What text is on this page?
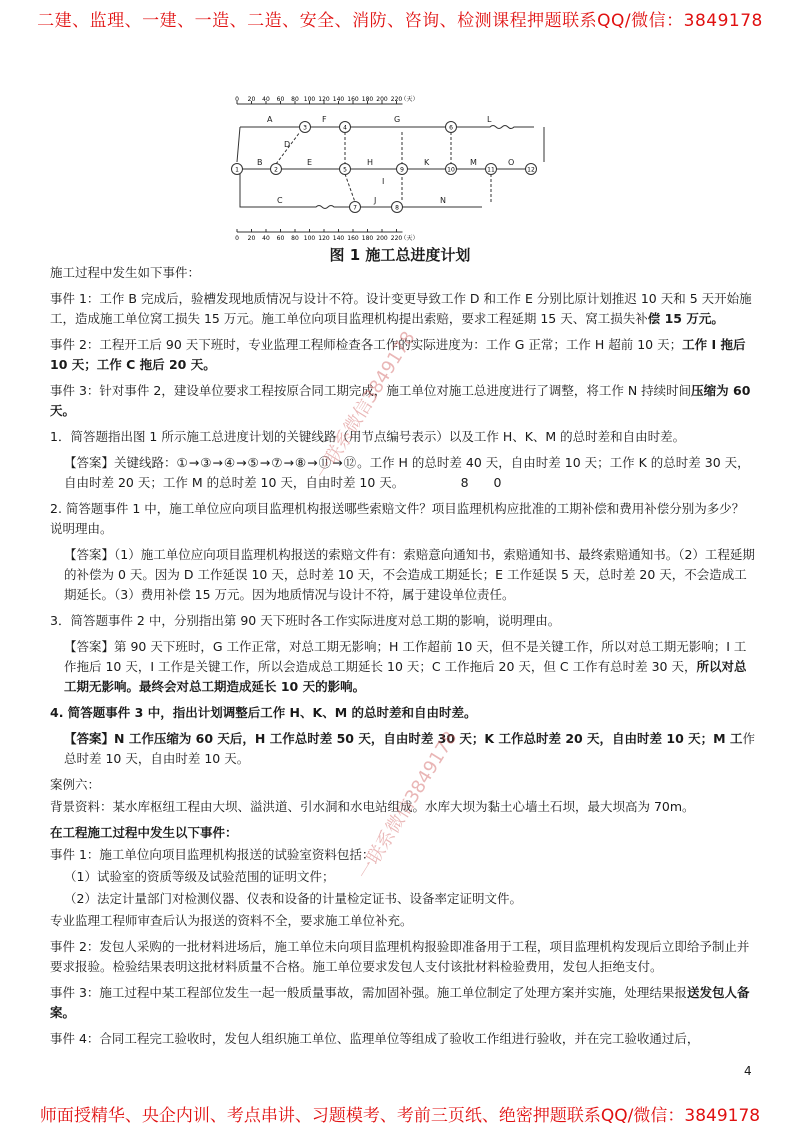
二建、监理、一建、一造、二造、安全、消防、咨询、检测课程押题联系QQ/微信：3849178
0 20 40 60 80 100 120 140 160 180 200 220
（天）
0 20 40 60 80 100 120 140 160 180 200 220
（天）
1	2
3	4
5
6
7	8
9	10	11	12
A
B
C
D
E
F	G
H
I
J
K
L
M
N
O
图 1 施工总进度计划

施工过程中发生如下事件：

事件 1：工作 B 完成后，验槽发现地质情况与设计不符。设计变更导致工作 D 和工作 E 分别比原计划推迟 10 天和 5 天开始施工，造成施工单位窝工损失 15 万元。施工单位向项目监理机构提出索赔，要求工程延期 15 天、窝工损失补偿 15 万元。

事件 2：工程开工后 90 天下班时，专业监理工程师检查各工作的实际进度为：工作 G 正常；工作 H 超前 10 天；工作 I 拖后 10 天；工作 C 拖后 20 天。

事件 3：针对事件 2，建设单位要求工程按原合同工期完成，施工单位对施工总进度进行了调整，将工作 N 持续时间压缩为 60 天。

1．简答题指出图 1 所示施工总进度计划的关键线路（用节点编号表示）以及工作 H、K、M 的总时差和自由时差。

【答案】关键线路：①→③→④→⑤→⑦→⑧→⑪→⑫。工作 H 的总时差 40 天，自由时差 10 天；工作 K 的总时差 30 天，自由时差 20 天；工作 M 的总时差 10 天，自由时差 10 天。　　　　　	8　　0

2. 简答题事件 1 中，施工单位应向项目监理机构报送哪些索赔文件？项目监理机构应批准的工期补偿和费用补偿分别为多少？说明理由。

【答案】（1）施工单位应向项目监理机构报送的索赔文件有：索赔意向通知书，索赔通知书、最终索赔通知书。（2）工程延期的补偿为 0 天。因为 D 工作延误 10 天，总时差 10 天，不会造成工期延长；E 工作延误 5 天，总时差 20 天，不会造成工期延长。（3）费用补偿 15 万元。因为地质情况与设计不符，属于建设单位责任。

3．简答题事件 2 中，分别指出第 90 天下班时各工作实际进度对总工期的影响，说明理由。

【答案】第 90 天下班时，G 工作正常，对总工期无影响；H 工作超前 10 天，但不是关键工作，所以对总工期无影响；I 工作拖后 10 天，I 工作是关键工作，所以会造成总工期延长 10 天；C 工作拖后 20 天，但 C 工作有总时差 30 天，所以对总工期无影响。最终会对总工期造成延长 10 天的影响。

4. 简答题事件 3 中，指出计划调整后工作 H、K、M 的总时差和自由时差。

【答案】N 工作压缩为 60 天后，H 工作总时差 50 天，自由时差 30 天；K 工作总时差 20 天，自由时差 10 天；M 工作总时差 10 天，自由时差 10 天。

案例六：

背景资料：某水库枢纽工程由大坝、溢洪道、引水洞和水电站组成。水库大坝为黏土心墙土石坝，最大坝高为 70m。

在工程施工过程中发生以下事件：

事件 1：施工单位向项目监理机构报送的试验室资料包括：

（1）试验室的资质等级及试验范围的证明文件；

（2）法定计量部门对检测仪器、仪表和设备的计量检定证书、设备率定证明文件。

专业监理工程师审查后认为报送的资料不全，要求施工单位补充。

事件 2：发包人采购的一批材料进场后，施工单位未向项目监理机构报验即准备用于工程，项目监理机构发现后立即给予制止并要求报验。检验结果表明这批材料质量不合格。施工单位要求发包人支付该批材料检验费用，发包人拒绝支付。

事件 3：施工过程中某工程部位发生一起一般质量事故，需加固补强。施工单位制定了处理方案并实施，处理结果报送发包人备案。

事件 4：合同工程完工验收时，发包人组织施工单位、监理单位等组成了验收工作组进行验收，并在完工验收通过后，

一联系微信3849178
一联系微信3849178
4
师面授精华、央企内训、考点串讲、习题模考、考前三页纸、绝密押题联系QQ/微信：3849178
